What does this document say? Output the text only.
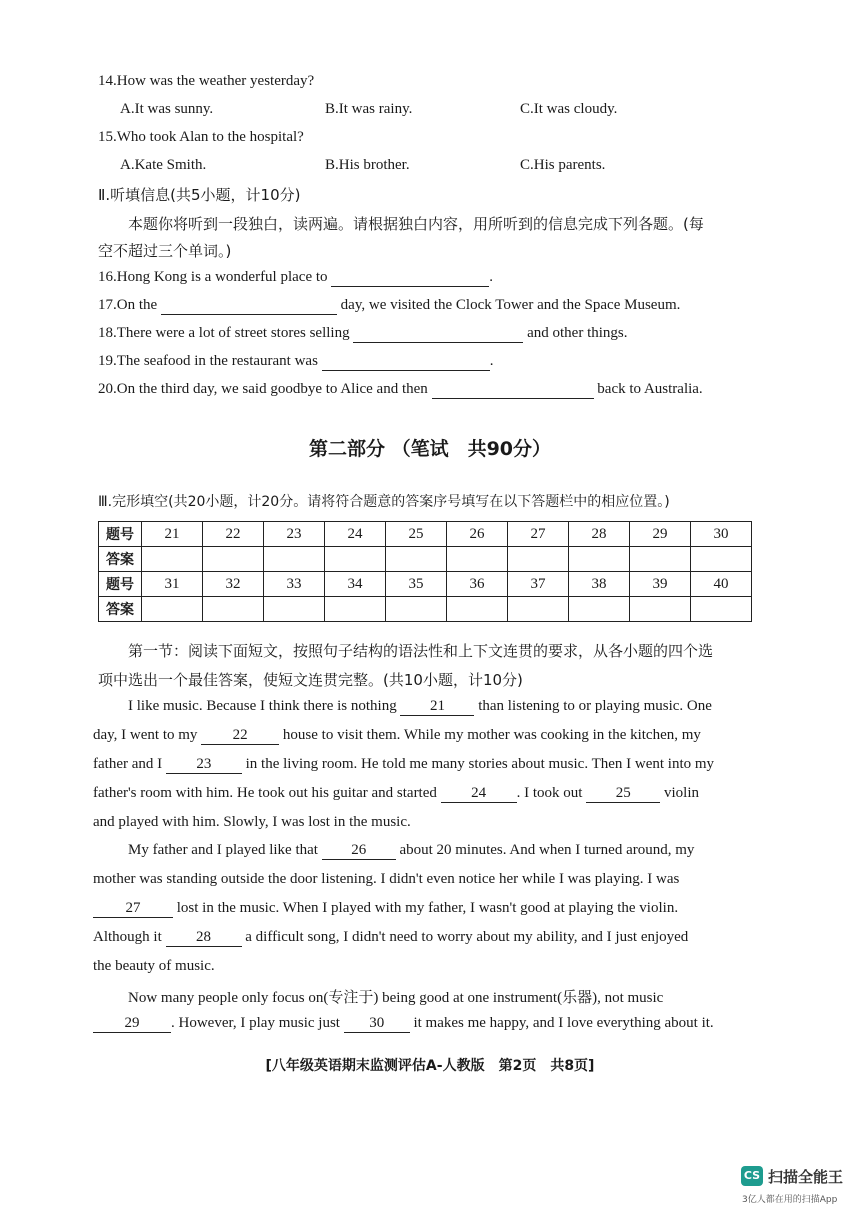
14.How was the weather yesterday?
A.It was sunny.	B.It was rainy.	C.It was cloudy.
15.Who took Alan to the hospital?
A.Kate Smith.	B.His brother.	C.His parents.
Ⅱ.听填信息(共5小题，计10分)
本题你将听到一段独白，读两遍。请根据独白内容，用所听到的信息完成下列各题。(每
空不超过三个单词。)
16.Hong Kong is a wonderful place to	.
17.On the	day, we visited the Clock Tower and the Space Museum.
18.There were a lot of street stores selling	and other things.
19.The seafood in the restaurant was	.
20.On the third day, we said goodbye to Alice and then	back to Australia.
第二部分 （笔试　共90分）
Ⅲ.完形填空(共20小题，计20分。请将符合题意的答案序号填写在以下答题栏中的相应位置。)
题号	21	22	23	24	25	26	27	28	29	30
答案										
题号	31	32	33	34	35	36	37	38	39	40
答案										
第一节：阅读下面短文，按照句子结构的语法性和上下文连贯的要求，从各小题的四个选
项中选出一个最佳答案，使短文连贯完整。(共10小题，计10分)
I like music. Because I think there is nothing 21 than listening to or playing music. One
day, I went to my 22 house to visit them. While my mother was cooking in the kitchen, my
father and I 23 in the living room. He told me many stories about music. Then I went into my
father's room with him. He took out his guitar and started 24 . I took out 25 violin
and played with him. Slowly, I was lost in the music.
My father and I played like that 26 about 20 minutes. And when I turned around, my
mother was standing outside the door listening. I didn't even notice her while I was playing. I was
27 lost in the music. When I played with my father, I wasn't good at playing the violin.
Although it 28 a difficult song, I didn't need to worry about my ability, and I just enjoyed
the beauty of music.
Now many people only focus on(专注于) being good at one instrument(乐器), not music
29 . However, I play music just 30 it makes me happy, and I love everything about it.
[八年级英语期末监测评估A-人教版　第2页　共8页]
CS 扫描全能王
3亿人都在用的扫描App
